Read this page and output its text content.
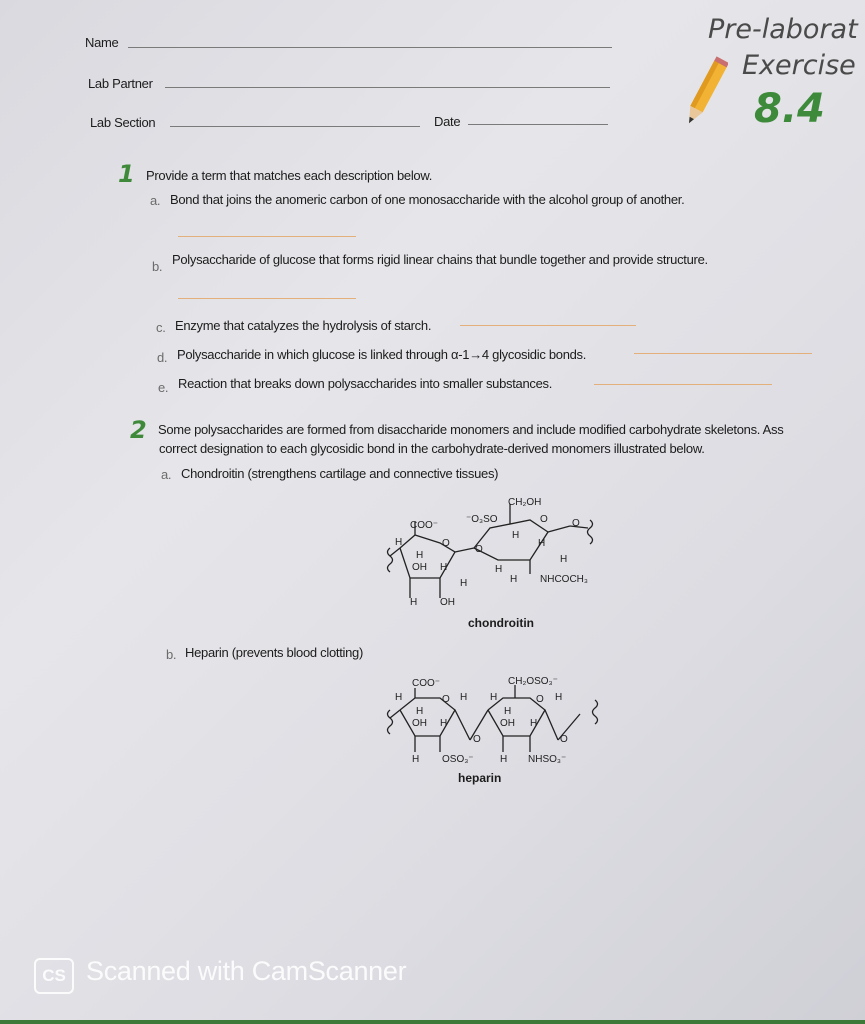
Name
Lab Partner
Lab Section	Date
Pre-laborat
Exercise
8.4
1 Provide a term that matches each description below.
a. Bond that joins the anomeric carbon of one monosaccharide with the alcohol group of another.
b. Polysaccharide of glucose that forms rigid linear chains that bundle together and provide structure.
c. Enzyme that catalyzes the hydrolysis of starch.
d. Polysaccharide in which glucose is linked through α-1→4 glycosidic bonds.
e. Reaction that breaks down polysaccharides into smaller substances.
2 Some polysaccharides are formed from disaccharide monomers and include modified carbohydrate skeletons. Ass
correct designation to each glycosidic bond in the carbohydrate-derived monomers illustrated below.
a. Chondroitin (strengthens cartilage and connective tissues)
CH₂OH
⁻O₃SO
COO⁻
O
O
O
O
H
H
OH H
H
H OH
H
H
H
H
H NHCOCH₃
chondroitin
b. Heparin (prevents blood clotting)
COO⁻	CH₂OSO₃⁻
O H H	O H
H
H
OH H
O
H
OH H
O
H OSO₃⁻	H NHSO₃⁻
heparin
CS Scanned with CamScanner
